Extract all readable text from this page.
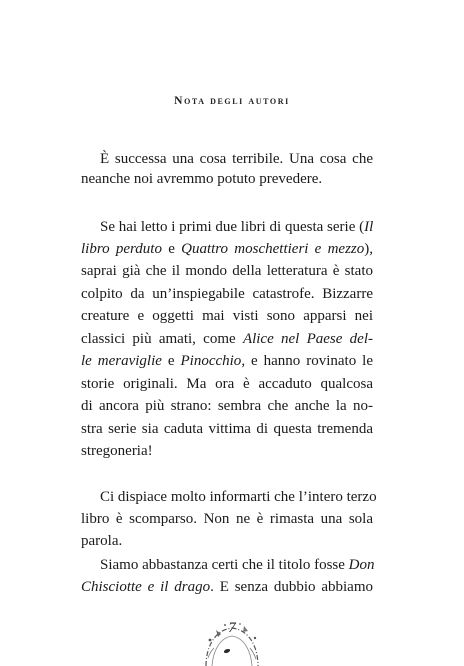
Nota degli autori
È successa una cosa terribile. Una cosa che
neanche noi avremmo potuto prevedere.
Se hai letto i primi due libri di questa serie (Il
libro perduto e Quattro moschettieri e mezzo),
saprai già che il mondo della letteratura è stato
colpito da un’inspiegabile catastrofe. Bizzarre
creature e oggetti mai visti sono apparsi nei
classici più amati, come Alice nel Paese del-
le meraviglie e Pinocchio, e hanno rovinato le
storie originali. Ma ora è accaduto qualcosa
di ancora più strano: sembra che anche la no-
stra serie sia caduta vittima di questa tremenda
stregoneria!
Ci dispiace molto informarti che l’intero terzo
libro è scomparso. Non ne è rimasta una sola
parola.
Siamo abbastanza certi che il titolo fosse Don
Chisciotte e il drago. E senza dubbio abbiamo
7
